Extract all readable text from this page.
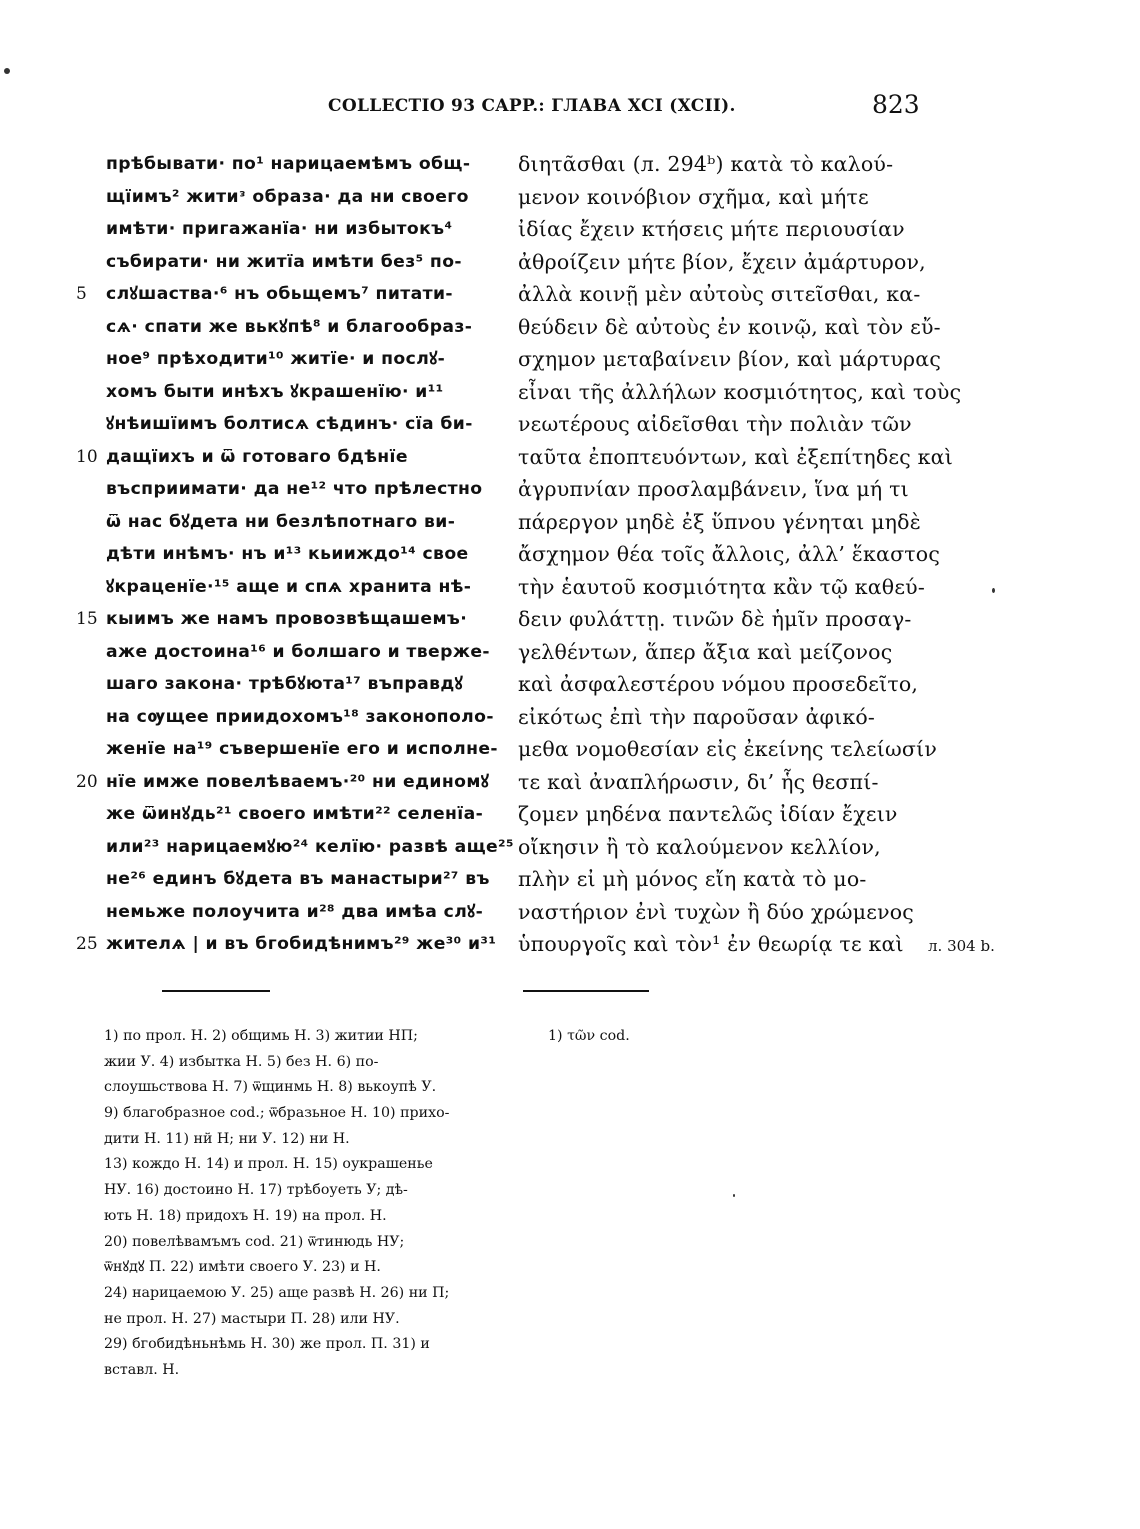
COLLECTIO 93 CAPP.: ГЛАВА XCI (XCII).	823
прѣбывати· по¹ нарицаемѣмъ общ-
щїимъ² житиᵌ образа· да ни своего
имѣти· пригажанїа· ни избытокъ⁴
събирати· ни житїа имѣти без⁵ по-
5 слꙋшаства·⁶ нъ обьщемъ⁷ питати-
сѧ· спати же вькꙋпѣ⁸ и благообраз-
ное⁹ прѣходити¹⁰ житїе· и послꙋ-
хомъ быти инѣхъ ꙋкрашенїю· и¹¹
ꙋнѣишїимъ болтисѧ сѣдинъ· сїа би-
10 дащїихъ и ѿ готоваго бдѣнїе
въсприимати· да не¹² что прѣлестно
ѿ нас бꙋдета ни безлѣпотнаго ви-
дѣти инѣмъ· нъ и¹³ кьииждо¹⁴ свое
ꙋкраценїе·¹⁵ аще и спѧ хранита нѣ-
15 кыимъ же намъ провозвѣщашемъ·
аже достоина¹⁶ и болшаго и тверже-
шаго закона· трѣбꙋюта¹⁷ въправдꙋ
на сѹщее приидохомъ¹⁸ законополо-
женїе на¹⁹ съвершенїе его и исполне-
20 нїе имже повелѣваемъ·²⁰ ни единомꙋ
же ѿинꙋдь²¹ своего имѣти²² селенїа-
или²³ нарицаемꙋю²⁴ келїю· развѣ аще²⁵
не²⁶ единъ бꙋдета въ манастыри²⁷ въ
немьже полоучита и²⁸ два имѣа слꙋ-
25 жителѧ | и въ бгобидѣнимъ²⁹ же³⁰ и³¹
διητᾶσθαι (л. 294ᵇ) κατὰ τὸ καλού-
μενον κοινόβιον σχῆμα, καὶ μήτε
ἰδίας ἔχειν κτήσεις μήτε περιουσίαν
ἀθροίζειν μήτε βίον, ἔχειν ἀμάρτυρον,
ἀλλὰ κοινῇ μὲν αὐτοὺς σιτεῖσθαι, κα-
θεύδειν δὲ αὐτοὺς ἐν κοινῷ, καὶ τὸν εὔ-
σχημον μεταβαίνειν βίον, καὶ μάρτυρας
εἶναι τῆς ἀλλήλων κοσμιότητος, καὶ τοὺς
νεωτέρους αἰδεῖσθαι τὴν πολιὰν τῶν
ταῦτα ἐποπτευόντων, καὶ ἐξεπίτηδες καὶ
ἀγρυπνίαν προσλαμβάνειν, ἵνα μή τι
πάρεργον μηδὲ ἐξ ὕπνου γένηται μηδὲ
ἄσχημον θέα τοῖς ἄλλοις, ἀλλ’ ἕκαστος
τὴν ἑαυτοῦ κοσμιότητα κἂν τῷ καθεύ-
δειν φυλάττῃ. τινῶν δὲ ἡμῖν προσαγ-
γελθέντων, ἅπερ ἄξια καὶ μείζονος
καὶ ἀσφαλεστέρου νόμου προσεδεῖτο,
εἰκότως ἐπὶ τὴν παροῦσαν ἀφικό-
μεθα νομοθεσίαν εἰς ἐκείνης τελείωσίν
τε καὶ ἀναπλήρωσιν, δι’ ἧς θεσπί-
ζομεν μηδένα παντελῶς ἰδίαν ἔχειν
οἴκησιν ἢ τὸ καλούμενον κελλίον,
πλὴν εἰ μὴ μόνος εἴη κατὰ τὸ μο-
ναστήριον ἐνὶ τυχὼν ἢ δύο χρώμενος
ὑπουργοῖς καὶ τὸν¹ ἐν θεωρίᾳ τε καὶ	л. 304 b.
1) по прол. Н. 2) общимь Н. 3) житии НП;
жии У. 4) избытка Н. 5) без Н. 6) по-
слоушьствова Н. 7) ѿщинмь Н. 8) вькоупѣ У.
9) благобразное cod.; ѿбразьное Н. 10) прихо-
дити Н. 11) нй Н; ни У. 12) ни Н.
13) кождо Н. 14) и прол. Н. 15) оукрашенье
НУ. 16) достоино Н. 17) трѣбоуеть У; дѣ-
ють Н. 18) придохъ Н. 19) на прол. Н.
20) повелѣвамъмъ cod. 21) ѿтинюдь НУ;
ѿнꙋдꙋ П. 22) имѣти своего У. 23) и Н.
24) нарицаемою У. 25) аще развѣ Н. 26) ни П;
не прол. Н. 27) мастыри П. 28) или НУ.
29) бгобидѣньнѣмь Н. 30) же прол. П. 31) и
вставл. Н.
1) τῶν cod.
